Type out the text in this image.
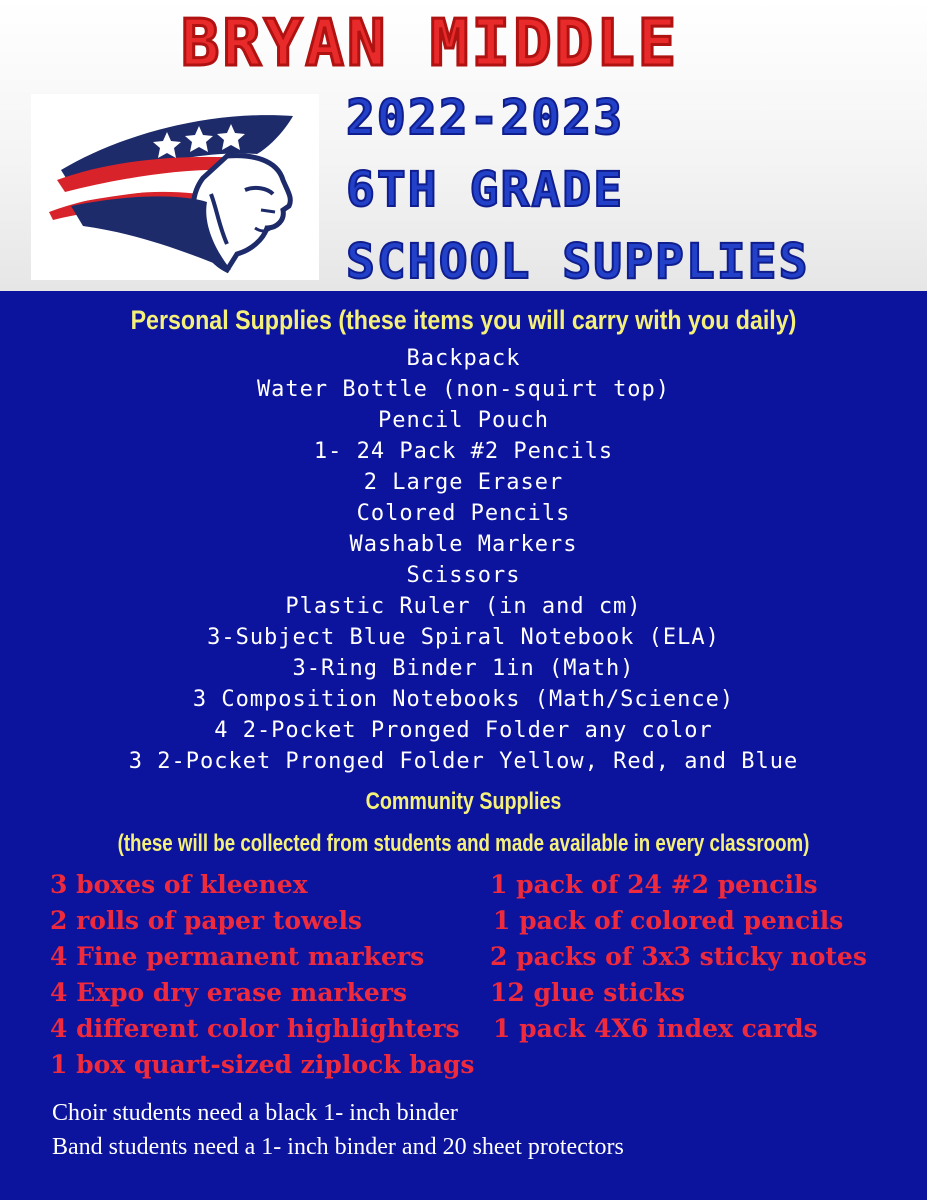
BRYAN MIDDLE
2022-2023
6TH GRADE
SCHOOL SUPPLIES
Personal Supplies (these items you will carry with you daily)
Backpack
Water Bottle (non-squirt top)
Pencil Pouch
1- 24 Pack #2 Pencils
2 Large Eraser
Colored Pencils
Washable Markers
Scissors
Plastic Ruler (in and cm)
3-Subject Blue Spiral Notebook (ELA)
3-Ring Binder 1in (Math)
3 Composition Notebooks (Math/Science)
4 2-Pocket Pronged Folder any color
3 2-Pocket Pronged Folder Yellow, Red, and Blue
Community Supplies
(these will be collected from students and made available in every classroom)
3 boxes of kleenex
2 rolls of paper towels
4 Fine permanent markers
4 Expo dry erase markers
4 different color highlighters
1 box quart-sized ziplock bags
1 pack of 24 #2 pencils
1 pack of colored pencils
2 packs of 3x3 sticky notes
12 glue sticks
1 pack 4X6 index cards
Choir students need a black 1- inch binder
Band students need a 1- inch binder and 20 sheet protectors
